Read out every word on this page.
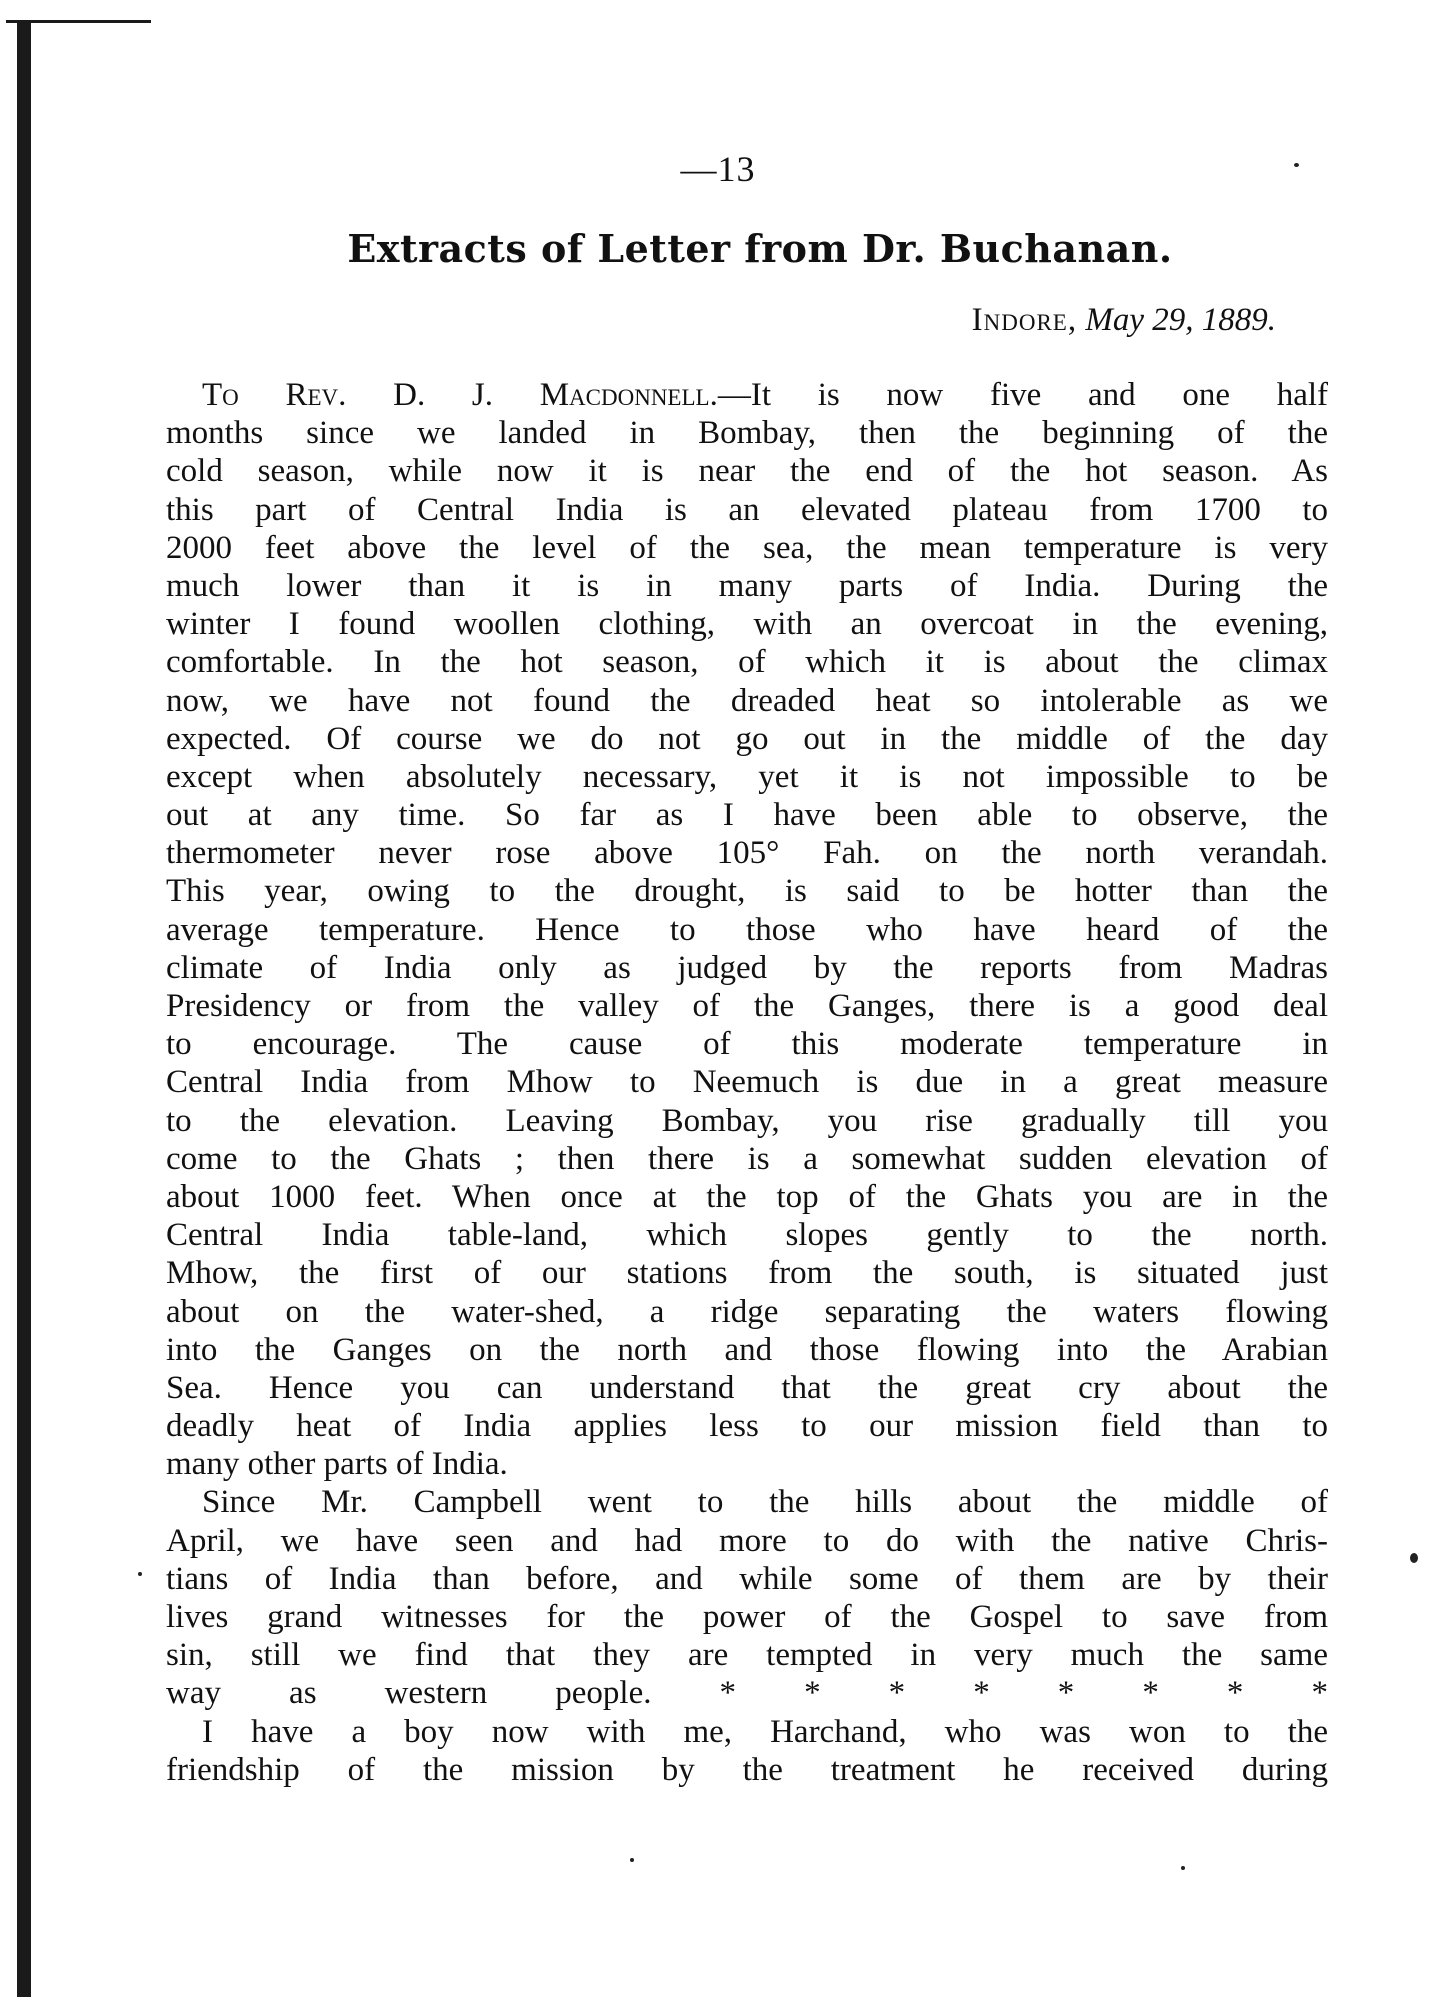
—13
Extracts of Letter from Dr. Buchanan.
Indore, May 29, 1889.
To Rev. D. J. Macdonnell.—It is now five and one half
months since we landed in Bombay, then the beginning of the
cold season, while now it is near the end of the hot season. As
this part of Central India is an elevated plateau from 1700 to
2000 feet above the level of the sea, the mean temperature is very
much lower than it is in many parts of India. During the
winter I found woollen clothing, with an overcoat in the evening,
comfortable. In the hot season, of which it is about the climax
now, we have not found the dreaded heat so intolerable as we
expected. Of course we do not go out in the middle of the day
except when absolutely necessary, yet it is not impossible to be
out at any time. So far as I have been able to observe, the
thermometer never rose above 105° Fah. on the north verandah.
This year, owing to the drought, is said to be hotter than the
average temperature. Hence to those who have heard of the
climate of India only as judged by the reports from Madras
Presidency or from the valley of the Ganges, there is a good deal
to encourage. The cause of this moderate temperature in
Central India from Mhow to Neemuch is due in a great measure
to the elevation. Leaving Bombay, you rise gradually till you
come to the Ghats ; then there is a somewhat sudden elevation of
about 1000 feet. When once at the top of the Ghats you are in the
Central India table-land, which slopes gently to the north.
Mhow, the first of our stations from the south, is situated just
about on the water-shed, a ridge separating the waters flowing
into the Ganges on the north and those flowing into the Arabian
Sea. Hence you can understand that the great cry about the
deadly heat of India applies less to our mission field than to
many other parts of India.
Since Mr. Campbell went to the hills about the middle of
April, we have seen and had more to do with the native Chris-
tians of India than before, and while some of them are by their
lives grand witnesses for the power of the Gospel to save from
sin, still we find that they are tempted in very much the same
way as western people. * * * * * * * *
I have a boy now with me, Harchand, who was won to the
friendship of the mission by the treatment he received during
